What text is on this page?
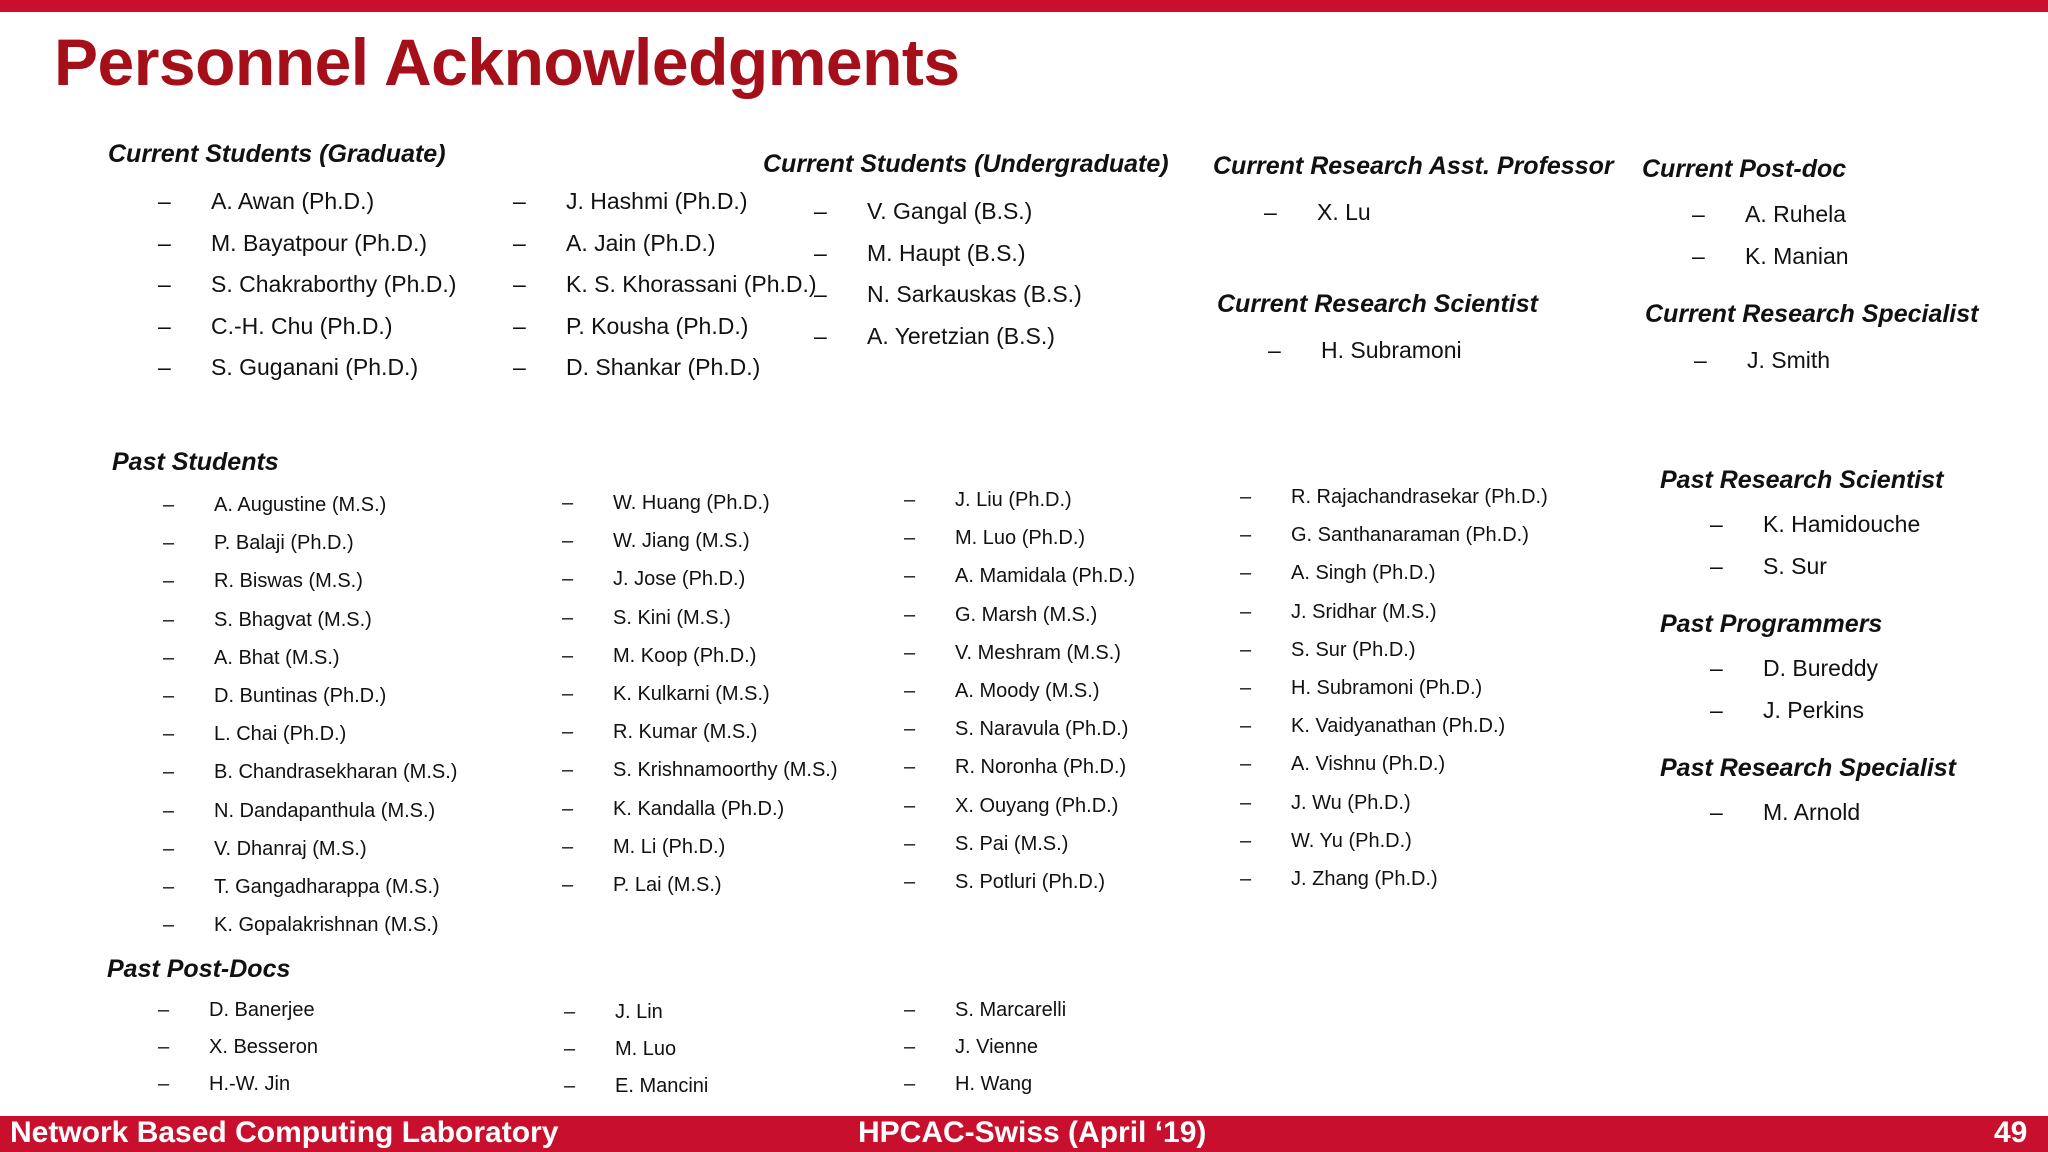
Personnel Acknowledgments
Current Students (Graduate)
– A. Awan (Ph.D.)
– M. Bayatpour (Ph.D.)
– S. Chakraborthy (Ph.D.)
– C.-H. Chu (Ph.D.)
– S. Guganani (Ph.D.)
– J. Hashmi (Ph.D.)
– A. Jain (Ph.D.)
– K. S. Khorassani (Ph.D.)
– P. Kousha (Ph.D.)
– D. Shankar (Ph.D.)
Current Students (Undergraduate)
– V. Gangal (B.S.)
– M. Haupt (B.S.)
– N. Sarkauskas (B.S.)
– A. Yeretzian (B.S.)
Current Research Asst. Professor
– X. Lu
Current Research Scientist
– H. Subramoni
Current Post-doc
– A. Ruhela
– K. Manian
Current Research Specialist
– J. Smith
Past Students
– A. Augustine (M.S.)
– P. Balaji (Ph.D.)
– R. Biswas (M.S.)
– S. Bhagvat (M.S.)
– A. Bhat (M.S.)
– D. Buntinas (Ph.D.)
– L. Chai (Ph.D.)
– B. Chandrasekharan (M.S.)
– N. Dandapanthula (M.S.)
– V. Dhanraj (M.S.)
– T. Gangadharappa (M.S.)
– K. Gopalakrishnan (M.S.)
– W. Huang (Ph.D.)
– W. Jiang (M.S.)
– J. Jose (Ph.D.)
– S. Kini (M.S.)
– M. Koop (Ph.D.)
– K. Kulkarni (M.S.)
– R. Kumar (M.S.)
– S. Krishnamoorthy (M.S.)
– K. Kandalla (Ph.D.)
– M. Li (Ph.D.)
– P. Lai (M.S.)
– J. Liu (Ph.D.)
– M. Luo (Ph.D.)
– A. Mamidala (Ph.D.)
– G. Marsh (M.S.)
– V. Meshram (M.S.)
– A. Moody (M.S.)
– S. Naravula (Ph.D.)
– R. Noronha (Ph.D.)
– X. Ouyang (Ph.D.)
– S. Pai (M.S.)
– S. Potluri (Ph.D.)
– R. Rajachandrasekar (Ph.D.)
– G. Santhanaraman (Ph.D.)
– A. Singh (Ph.D.)
– J. Sridhar (M.S.)
– S. Sur (Ph.D.)
– H. Subramoni (Ph.D.)
– K. Vaidyanathan (Ph.D.)
– A. Vishnu (Ph.D.)
– J. Wu (Ph.D.)
– W. Yu (Ph.D.)
– J. Zhang (Ph.D.)
Past Research Scientist
– K. Hamidouche
– S. Sur
Past Programmers
– D. Bureddy
– J. Perkins
Past Research Specialist
– M. Arnold
Past Post-Docs
– D. Banerjee
– X. Besseron
– H.-W. Jin
– J. Lin
– M. Luo
– E. Mancini
– S. Marcarelli
– J. Vienne
– H. Wang
Network Based Computing Laboratory	HPCAC-Swiss (April ‘19)	49
